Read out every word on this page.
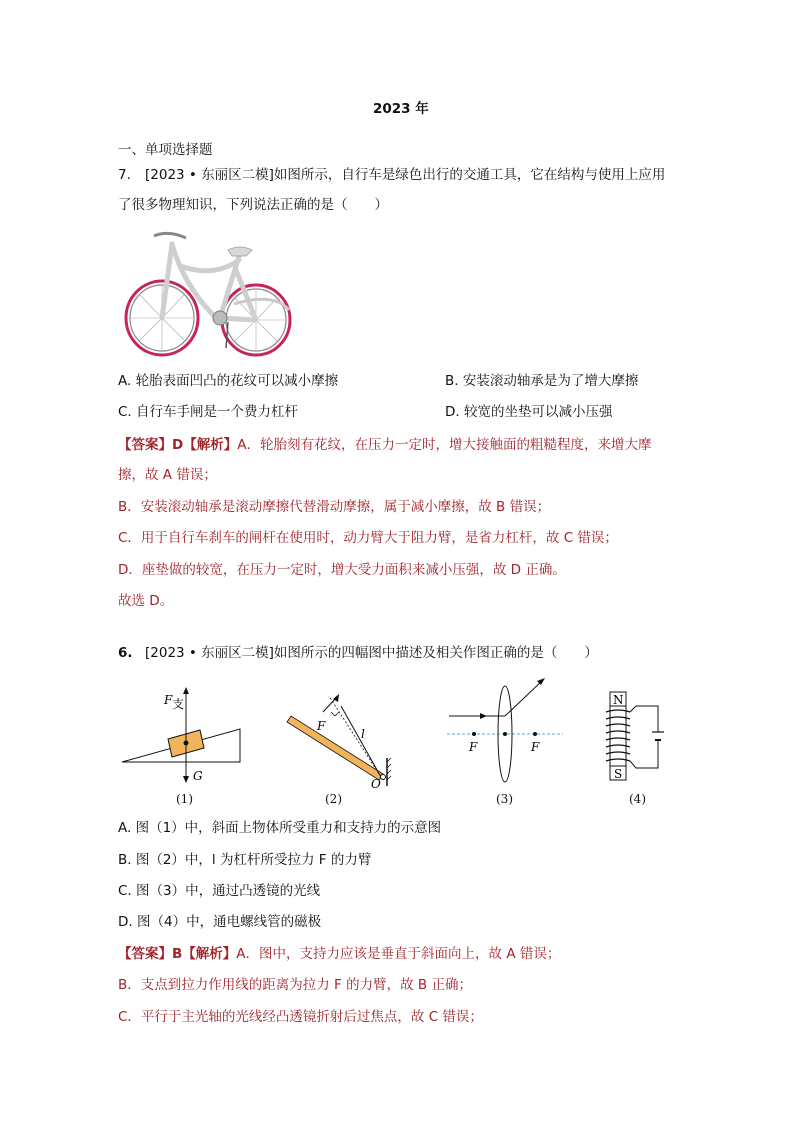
2023 年
一、单项选择题
7. [2023 • 东丽区二模]如图所示，自行车是绿色出行的交通工具，它在结构与使用上应用
了很多物理知识，下列说法正确的是（　　）
A. 轮胎表面凹凸的花纹可以减小摩擦	B. 安装滚动轴承是为了增大摩擦
C. 自行车手闸是一个费力杠杆	D. 较宽的坐垫可以减小压强
【答案】D【解析】A．轮胎刻有花纹，在压力一定时，增大接触面的粗糙程度，来增大摩
擦，故 A 错误；
B．安装滚动轴承是滚动摩擦代替滑动摩擦，属于减小摩擦，故 B 错误；
C．用于自行车刹车的闸杆在使用时，动力臂大于阻力臂，是省力杠杆，故 C 错误；
D．座垫做的较宽，在压力一定时，增大受力面积来减小压强，故 D 正确。
故选 D。
6. [2023 • 东丽区二模]如图所示的四幅图中描述及相关作图正确的是（　　）
F 支
G
F
l
O
F	F
N
S
(1)	(2)	(3)	(4)
A. 图（1）中，斜面上物体所受重力和支持力的示意图
B. 图（2）中，l 为杠杆所受拉力 F 的力臂
C. 图（3）中，通过凸透镜的光线
D. 图（4）中，通电螺线管的磁极
【答案】B【解析】A．图中，支持力应该是垂直于斜面向上，故 A 错误；
B．支点到拉力作用线的距离为拉力 F 的力臂，故 B 正确；
C．平行于主光轴的光线经凸透镜折射后过焦点，故 C 错误；
